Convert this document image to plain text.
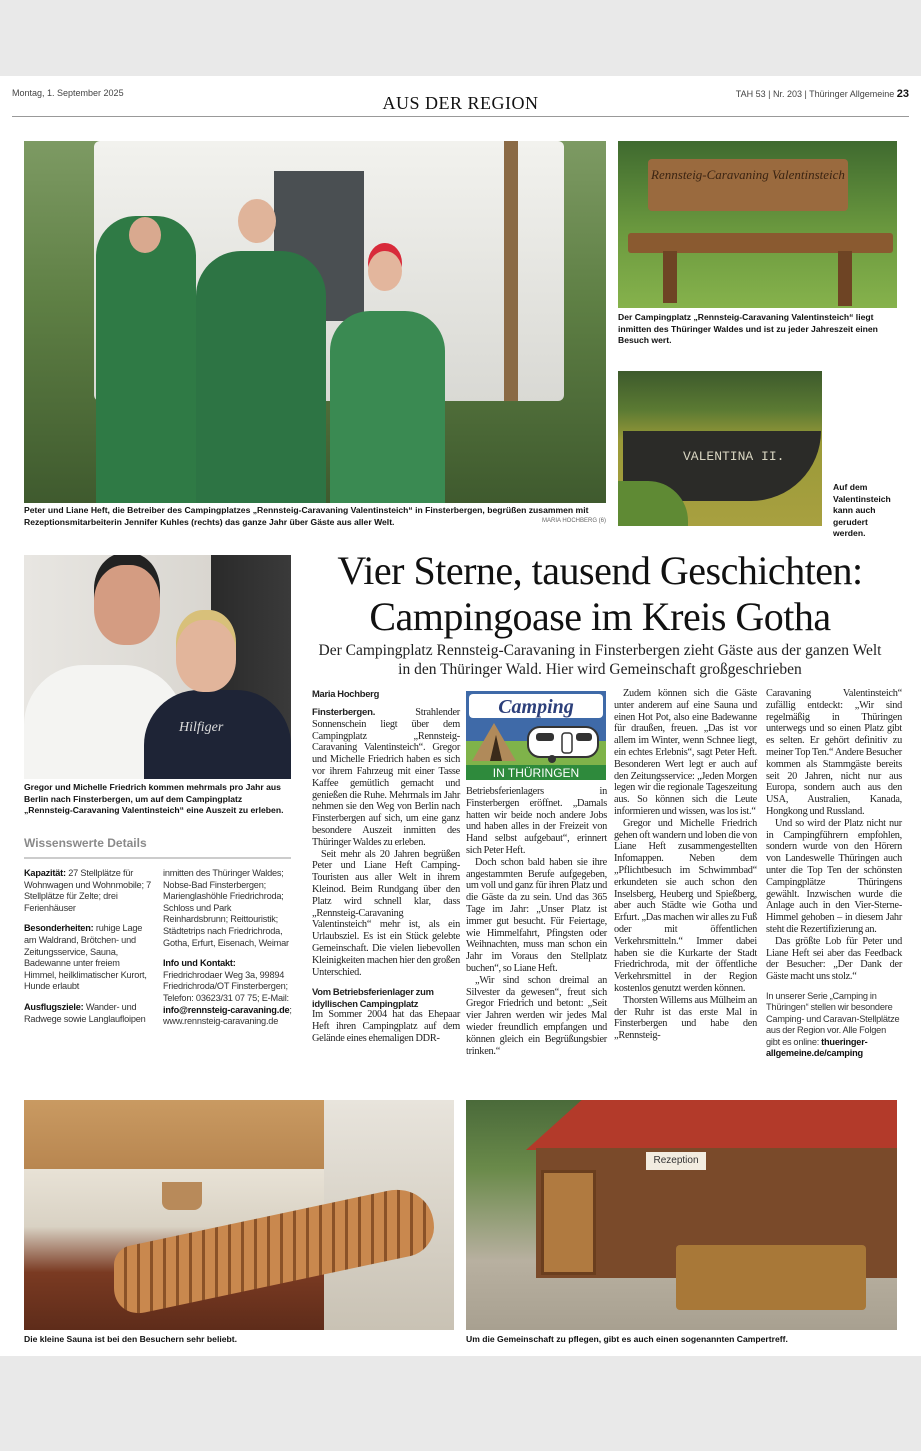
Montag, 1. September 2025	AUS DER REGION	TAH 53 | Nr. 203 | Thüringer Allgemeine 23
Peter und Liane Heft, die Betreiber des Campingplatzes „Rennsteig-Caravaning Valentinsteich“ in Finsterbergen, begrüßen zusammen mit Rezeptionsmitarbeiterin Jennifer Kuhles (rechts) das ganze Jahr über Gäste aus aller Welt.	MARIA HOCHBERG (6)
Rennsteig-Caravaning Valentinsteich
Der Campingplatz „Rennsteig-Caravaning Valentinsteich“ liegt inmitten des Thüringer Waldes und ist zu jeder Jahreszeit einen Besuch wert.
VALENTINA II.
Auf dem Valentinsteich kann auch gerudert werden.
Hilfiger
Gregor und Michelle Friedrich kommen mehrmals pro Jahr aus Berlin nach Finsterbergen, um auf dem Campingplatz „Rennsteig-Caravaning Valentinsteich“ eine Auszeit zu erleben.
Wissenswerte Details

Kapazität: 27 Stellplätze für Wohnwagen und Wohnmobile; 7 Stellplätze für Zelte; drei Ferienhäuser

Besonderheiten: ruhige Lage am Waldrand, Brötchen- und Zeitungsservice, Sauna, Badewanne unter freiem Himmel, heilklimatischer Kurort, Hunde erlaubt

Ausflugsziele: Wander- und Radwege sowie Langlaufloipen inmitten des Thüringer Waldes; Nobse-Bad Finsterbergen; Marienglashöhle Friedrichroda; Schloss und Park Reinhardsbrunn; Reittouristik; Städtetrips nach Friedrichroda, Gotha, Erfurt, Eisenach, Weimar

Info und Kontakt: Friedrichrodaer Weg 3a, 99894 Friedrichroda/OT Finsterbergen; Telefon: 03623/31 07 75; E-Mail: info@rennsteig-caravaning.de; www.rennsteig-caravaning.de

Vier Sterne, tausend Geschichten:
Campingoase im Kreis Gotha
Der Campingplatz Rennsteig-Caravaning in Finsterbergen zieht Gäste aus der ganzen Welt
in den Thüringer Wald. Hier wird Gemeinschaft großgeschrieben
Maria Hochberg

Finsterbergen. Strahlender Sonnenschein liegt über dem Campingplatz „Rennsteig-Caravaning Valentinsteich“. Gregor und Michelle Friedrich haben es sich vor ihrem Fahrzeug mit einer Tasse Kaffee gemütlich gemacht und genießen die Ruhe. Mehrmals im Jahr nehmen sie den Weg von Berlin nach Finsterbergen auf sich, um eine ganz besondere Auszeit inmitten des Thüringer Waldes zu erleben.

Seit mehr als 20 Jahren begrüßen Peter und Liane Heft Camping-Touristen aus aller Welt in ihrem Kleinod. Beim Rundgang über den Platz wird schnell klar, dass „Rennsteig-Caravaning Valentinsteich“ mehr ist, als ein Urlaubsziel. Es ist ein Stück gelebte Gemeinschaft. Die vielen liebevollen Kleinigkeiten machen hier den großen Unterschied.

Vom Betriebsferienlager zum idyllischen Campingplatz

Im Sommer 2004 hat das Ehepaar Heft ihren Campingplatz auf dem Gelände eines ehemaligen DDR-

Camping
IN THÜRINGEN

Betriebsferienlagers in Finsterbergen eröffnet. „Damals hatten wir beide noch andere Jobs und haben alles in der Freizeit von Hand selbst aufgebaut“, erinnert sich Peter Heft.

Doch schon bald haben sie ihre angestammten Berufe aufgegeben, um voll und ganz für ihren Platz und die Gäste da zu sein. Und das 365 Tage im Jahr: „Unser Platz ist immer gut besucht. Für Feiertage, wie Himmelfahrt, Pfingsten oder Weihnachten, muss man schon ein Jahr im Voraus den Stellplatz buchen“, so Liane Heft.

„Wir sind schon dreimal an Silvester da gewesen“, freut sich Gregor Friedrich und betont: „Seit vier Jahren werden wir jedes Mal wieder freundlich empfangen und können gleich ein Begrüßungsbier trinken.“

Zudem können sich die Gäste unter anderem auf eine Sauna und einen Hot Pot, also eine Badewanne für draußen, freuen. „Das ist vor allem im Winter, wenn Schnee liegt, ein echtes Erlebnis“, sagt Peter Heft. Besonderen Wert legt er auch auf den Zeitungsservice: „Jeden Morgen legen wir die regionale Tageszeitung aus. So können sich die Leute informieren und wissen, was los ist.“

Gregor und Michelle Friedrich gehen oft wandern und loben die von Liane Heft zusammengestellten Infomappen. Neben dem „Pflichtbesuch im Schwimmbad“ erkundeten sie auch schon den Inselsberg, Heuberg und Spießberg, aber auch Städte wie Gotha und Erfurt. „Das machen wir alles zu Fuß oder mit öffentlichen Verkehrsmitteln.“ Immer dabei haben sie die Kurkarte der Stadt Friedrichroda, mit der öffentliche Verkehrsmittel in der Region kostenlos genutzt werden können.

Thorsten Willems aus Mülheim an der Ruhr ist das erste Mal in Finsterbergen und habe den „Rennsteig-

Caravaning Valentinsteich“ zufällig entdeckt: „Wir sind regelmäßig in Thüringen unterwegs und so einen Platz gibt es selten. Er gehört definitiv zu meiner Top Ten.“ Andere Besucher kommen als Stammgäste bereits seit 20 Jahren, nicht nur aus Europa, sondern auch aus den USA, Australien, Kanada, Hongkong und Russland.

Und so wird der Platz nicht nur in Campingführern empfohlen, sondern wurde von den Hörern von Landeswelle Thüringen auch unter die Top Ten der schönsten Campingplätze Thüringens gewählt. Inzwischen wurde die Anlage auch in den Vier-Sterne-Himmel gehoben – in diesem Jahr steht die Rezertifizierung an.

Das größte Lob für Peter und Liane Heft sei aber das Feedback der Besucher: „Der Dank der Gäste macht uns stolz.“

In unserer Serie „Camping in Thüringen“ stellen wir besondere Camping- und Caravan-Stellplätze aus der Region vor. Alle Folgen gibt es online: thueringer-allgemeine.de/camping
Die kleine Sauna ist bei den Besuchern sehr beliebt.
Rezeption
Um die Gemeinschaft zu pflegen, gibt es auch einen sogenannten Campertreff.
